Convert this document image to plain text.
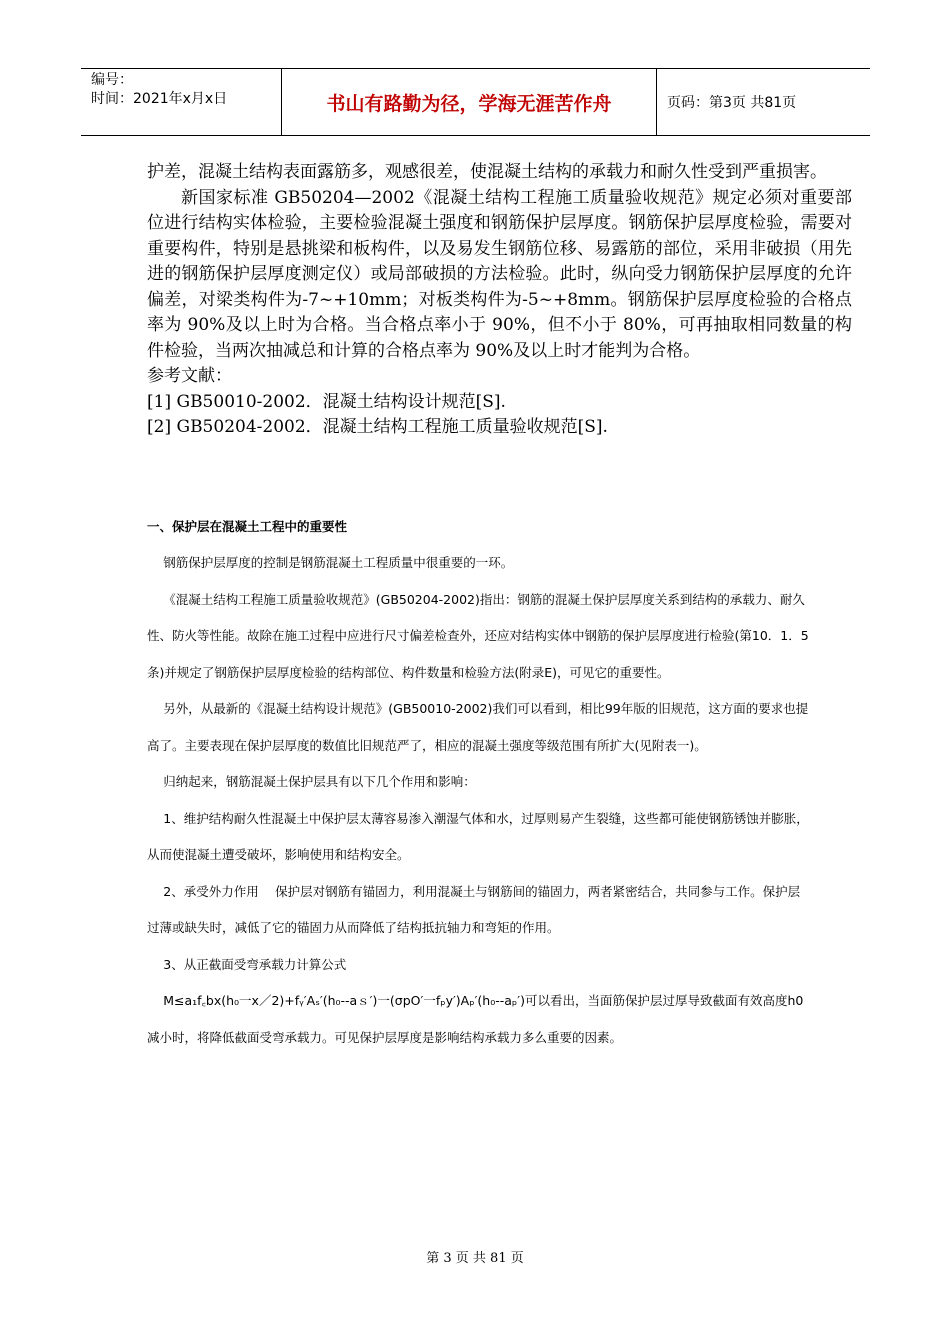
编号：
时间：2021年x月x日	书山有路勤为径，学海无涯苦作舟	页码：第3页 共81页

护差，混凝土结构表面露筋多，观感很差，使混凝土结构的承载力和耐久性受到严重损害。

新国家标准 GB50204—2002《混凝土结构工程施工质量验收规范》规定必须对重要部位进行结构实体检验，主要检验混凝土强度和钢筋保护层厚度。钢筋保护层厚度检验，需要对重要构件，特别是悬挑梁和板构件，以及易发生钢筋位移、易露筋的部位，采用非破损（用先进的钢筋保护层厚度测定仪）或局部破损的方法检验。此时，纵向受力钢筋保护层厚度的允许偏差，对梁类构件为-7~+10mm；对板类构件为-5~+8mm。钢筋保护层厚度检验的合格点率为 90%及以上时为合格。当合格点率小于 90%，但不小于 80%，可再抽取相同数量的构件检验，当两次抽减总和计算的合格点率为 90%及以上时才能判为合格。

参考文献：

[1] GB50010-2002．混凝土结构设计规范[S].

[2] GB50204-2002．混凝土结构工程施工质量验收规范[S].

一、保护层在混凝土工程中的重要性

钢筋保护层厚度的控制是钢筋混凝土工程质量中很重要的一环。

《混凝土结构工程施工质量验收规范》(GB50204-2002)指出：钢筋的混凝土保护层厚度关系到结构的承载力、耐久性、防火等性能。故除在施工过程中应进行尺寸偏差检查外，还应对结构实体中钢筋的保护层厚度进行检验(第10．1．5条)并规定了钢筋保护层厚度检验的结构部位、构件数量和检验方法(附录E)，可见它的重要性。

另外，从最新的《混凝土结构设计规范》(GB50010-2002)我们可以看到，相比99年版的旧规范，这方面的要求也提高了。主要表现在保护层厚度的数值比旧规范严了，相应的混凝土强度等级范围有所扩大(见附表一)。

归纳起来，钢筋混凝土保护层具有以下几个作用和影响：

1、维护结构耐久性混凝土中保护层太薄容易渗入潮湿气体和水，过厚则易产生裂缝，这些都可能使钢筋锈蚀并膨胀，从而使混凝土遭受破坏，影响使用和结构安全。

2、承受外力作用　 保护层对钢筋有锚固力，利用混凝土与钢筋间的锚固力，两者紧密结合，共同参与工作。保护层过薄或缺失时，减低了它的锚固力从而降低了结构抵抗轴力和弯矩的作用。

3、从正截面受弯承载力计算公式

M≤a₁f꜀bx(h₀一x／2)+fᵧ′Aₛ′(h₀--aｓ′)一(σpO′一fₚy′)Aₚ′(h₀--aₚ′)可以看出，当面筋保护层过厚导致截面有效高度h0减小时，将降低截面受弯承载力。可见保护层厚度是影响结构承载力多么重要的因素。

第 3 页 共 81 页
